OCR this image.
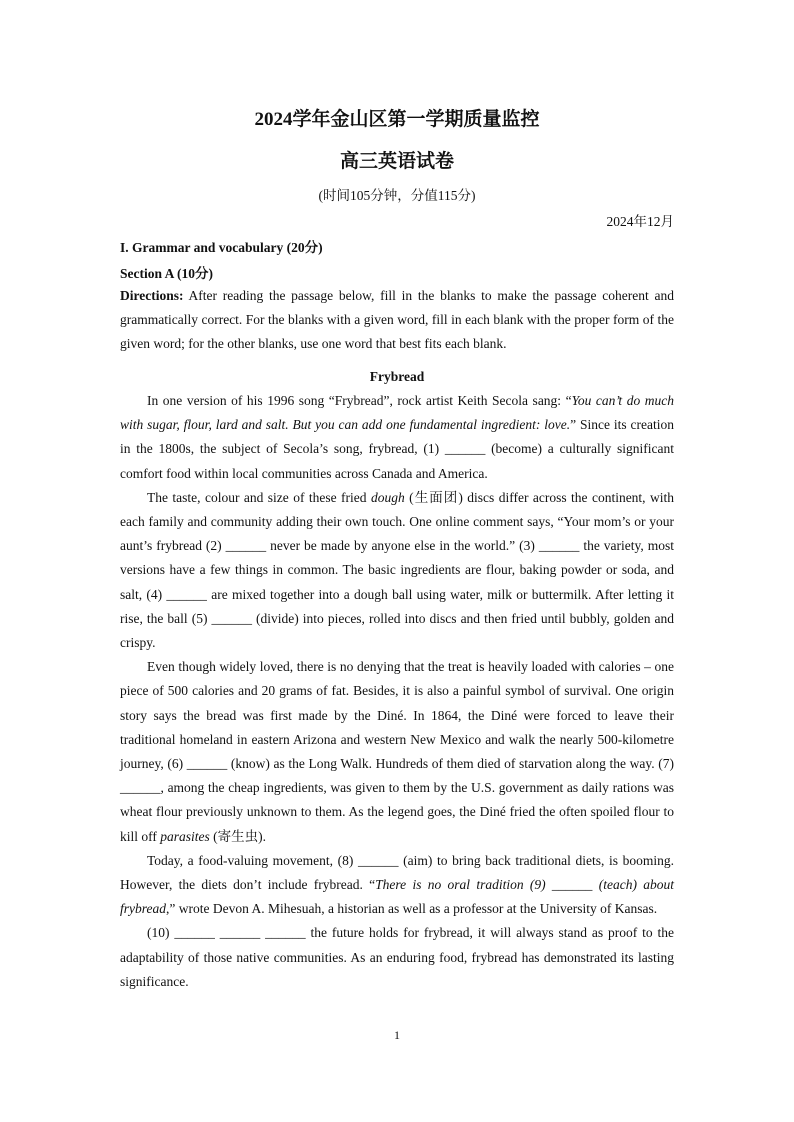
2024学年金山区第一学期质量监控
高三英语试卷
(时间105分钟，分值115分)
2024年12月
I. Grammar and vocabulary (20分)
Section A (10分)

Directions: After reading the passage below, fill in the blanks to make the passage coherent and grammatically correct. For the blanks with a given word, fill in each blank with the proper form of the given word; for the other blanks, use one word that best fits each blank.

Frybread

In one version of his 1996 song “Frybread”, rock artist Keith Secola sang: “You can’t do much with sugar, flour, lard and salt. But you can add one fundamental ingredient: love.” Since its creation in the 1800s, the subject of Secola’s song, frybread, (1) ______ (become) a culturally significant comfort food within local communities across Canada and America.

The taste, colour and size of these fried dough (生面团) discs differ across the continent, with each family and community adding their own touch. One online comment says, “Your mom’s or your aunt’s frybread (2) ______ never be made by anyone else in the world.” (3) ______ the variety, most versions have a few things in common. The basic ingredients are flour, baking powder or soda, and salt, (4) ______ are mixed together into a dough ball using water, milk or buttermilk. After letting it rise, the ball (5) ______ (divide) into pieces, rolled into discs and then fried until bubbly, golden and crispy.

Even though widely loved, there is no denying that the treat is heavily loaded with calories – one piece of 500 calories and 20 grams of fat. Besides, it is also a painful symbol of survival. One origin story says the bread was first made by the Diné. In 1864, the Diné were forced to leave their traditional homeland in eastern Arizona and western New Mexico and walk the nearly 500-kilometre journey, (6) ______ (know) as the Long Walk. Hundreds of them died of starvation along the way. (7) ______, among the cheap ingredients, was given to them by the U.S. government as daily rations was wheat flour previously unknown to them. As the legend goes, the Diné fried the often spoiled flour to kill off parasites (寄生虫).

Today, a food-valuing movement, (8) ______ (aim) to bring back traditional diets, is booming. However, the diets don’t include frybread. “There is no oral tradition (9) ______ (teach) about frybread,” wrote Devon A. Mihesuah, a historian as well as a professor at the University of Kansas.

(10) ______ ______ ______ the future holds for frybread, it will always stand as proof to the adaptability of those native communities. As an enduring food, frybread has demonstrated its lasting significance.

1
